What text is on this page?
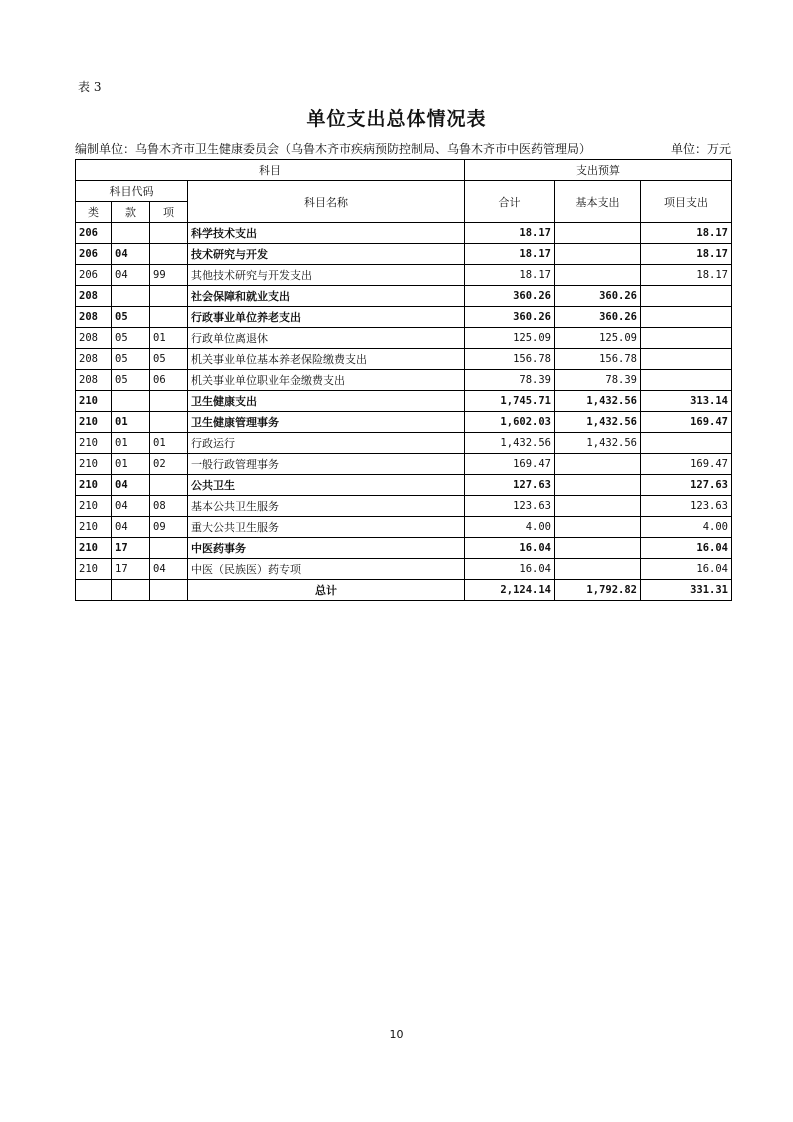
表 3
单位支出总体情况表
编制单位：乌鲁木齐市卫生健康委员会（乌鲁木齐市疾病预防控制局、乌鲁木齐市中医药管理局）	单位：万元
科目				支出预算		
科目代码			科目名称	合计	基本支出	项目支出
类	款	项				
206			科学技术支出	18.17		18.17
206	04		技术研究与开发	18.17		18.17
206	04	99	其他技术研究与开发支出	18.17		18.17
208			社会保障和就业支出	360.26	360.26	
208	05		行政事业单位养老支出	360.26	360.26	
208	05	01	行政单位离退休	125.09	125.09	
208	05	05	机关事业单位基本养老保险缴费支出	156.78	156.78	
208	05	06	机关事业单位职业年金缴费支出	78.39	78.39	
210			卫生健康支出	1,745.71	1,432.56	313.14
210	01		卫生健康管理事务	1,602.03	1,432.56	169.47
210	01	01	行政运行	1,432.56	1,432.56	
210	01	02	一般行政管理事务	169.47		169.47
210	04		公共卫生	127.63		127.63
210	04	08	基本公共卫生服务	123.63		123.63
210	04	09	重大公共卫生服务	4.00		4.00
210	17		中医药事务	16.04		16.04
210	17	04	中医（民族医）药专项	16.04		16.04
			总计	2,124.14	1,792.82	331.31
10
